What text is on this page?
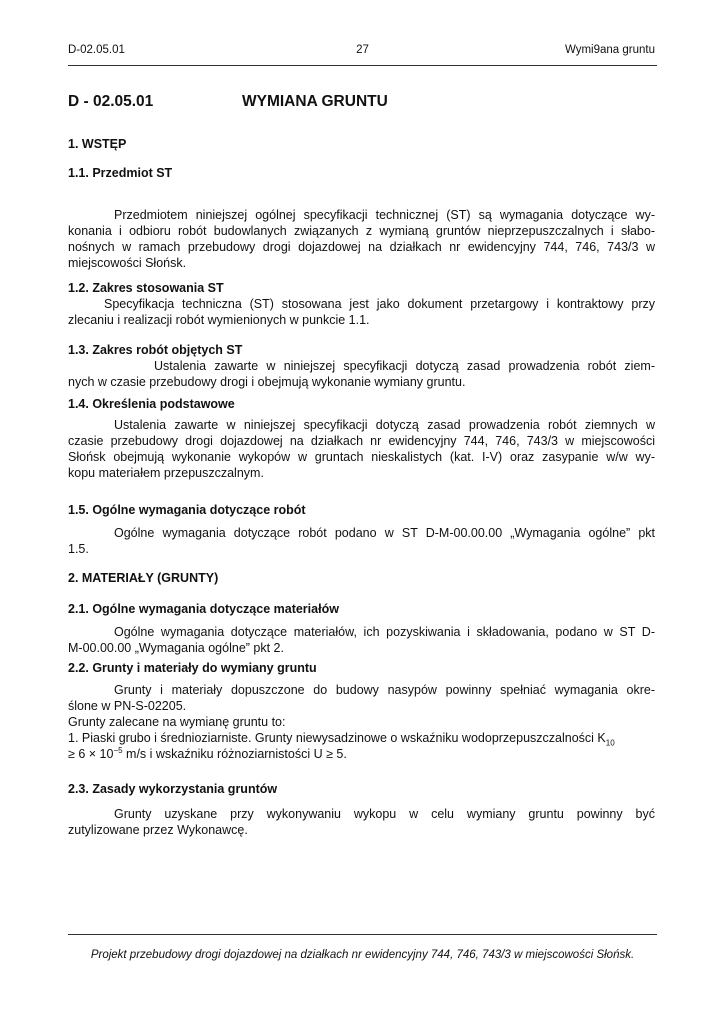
D-02.05.01	27	Wymi9ana gruntu
D - 02.05.01	WYMIANA GRUNTU
1. WSTĘP
1.1. Przedmiot ST
Przedmiotem niniejszej ogólnej specyfikacji technicznej (ST) są wymagania dotyczące wy-
konania i odbioru robót budowlanych związanych z wymianą gruntów nieprzepuszczalnych i słabo-
nośnych w ramach przebudowy drogi dojazdowej na działkach nr ewidencyjny 744, 746, 743/3 w
miejscowości Słońsk.
1.2. Zakres stosowania ST
Specyfikacja techniczna (ST) stosowana jest jako dokument przetargowy i kontraktowy przy
zlecaniu i realizacji robót wymienionych w punkcie 1.1.
1.3. Zakres robót objętych ST
Ustalenia zawarte w niniejszej specyfikacji dotyczą zasad prowadzenia robót ziem-
nych w czasie przebudowy drogi i obejmują wykonanie wymiany gruntu.
1.4. Określenia podstawowe
Ustalenia zawarte w niniejszej specyfikacji dotyczą zasad prowadzenia robót ziemnych w
czasie przebudowy drogi dojazdowej na działkach nr ewidencyjny 744, 746, 743/3 w miejscowości
Słońsk obejmują wykonanie wykopów w gruntach nieskalistych (kat. I-V) oraz zasypanie w/w wy-
kopu materiałem przepuszczalnym.
1.5. Ogólne wymagania dotyczące robót
Ogólne wymagania dotyczące robót podano w ST D-M-00.00.00 „Wymagania ogólne” pkt
1.5.
2. MATERIAŁY (GRUNTY)
2.1. Ogólne wymagania dotyczące materiałów
Ogólne wymagania dotyczące materiałów, ich pozyskiwania i składowania, podano w ST D-
M-00.00.00 „Wymagania ogólne” pkt 2.
2.2. Grunty i materiały do wymiany gruntu
Grunty i materiały dopuszczone do budowy nasypów powinny spełniać wymagania okre-
ślone w PN-S-02205.
Grunty zalecane na wymianę gruntu to:
1. Piaski grubo i średnioziarniste. Grunty niewysadzinowe o wskaźniku wodoprzepuszczalności $K_{10}$
≥ $6 \times 10^{-5}$ m/s i wskaźniku różnoziarnistości U ≥ 5.
2.3. Zasady wykorzystania gruntów
Grunty uzyskane przy wykonywaniu wykopu w celu wymiany gruntu powinny być
zutylizowane przez Wykonawcę.
Projekt przebudowy drogi dojazdowej na działkach nr ewidencyjny 744, 746, 743/3 w miejscowości Słońsk.
